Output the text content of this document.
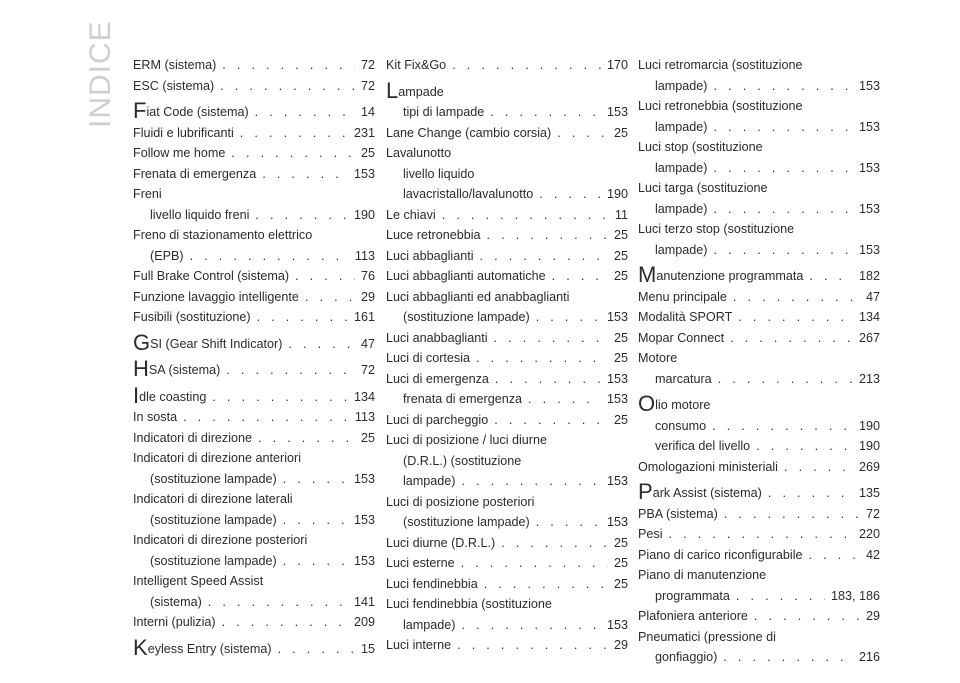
INDICE ERM (sistema) . . .	72
ESC (sistema) . . .	72
Fiat Code (sistema) . . .	14
Fluidi e lubrificanti . . .	231
Follow me home . . .	25
Frenata di emergenza . . .	153
Freni
livello liquido freni . . .	190
Freno di stazionamento elettrico
(EPB) . . .	113
Full Brake Control (sistema) . . .	76
Funzione lavaggio intelligente . . .	29
Fusibili (sostituzione) . . .	161
GSI (Gear Shift Indicator) . . .	47
HSA (sistema) . . .	72
Idle coasting . . .	134
In sosta . . .	113
Indicatori di direzione . . .	25
Indicatori di direzione anteriori
(sostituzione lampade) . . .	153
Indicatori di direzione laterali
(sostituzione lampade) . . .	153
Indicatori di direzione posteriori
(sostituzione lampade) . . .	153
Intelligent Speed Assist
(sistema) . . .	141
Interni (pulizia) . . .	209
Keyless Entry (sistema) . . .	15
Kit Fix&Go . . .	170
Lampade
tipi di lampade . . .	153
Lane Change (cambio corsia) . . .	25
Lavalunotto
livello liquido
lavacristallo/lavalunotto . . .	190
Le chiavi . . .	11
Luce retronebbia . . .	25
Luci abbaglianti . . .	25
Luci abbaglianti automatiche . . .	25
Luci abbaglianti ed anabbaglianti
(sostituzione lampade) . . .	153
Luci anabbaglianti . . .	25
Luci di cortesia . . .	25
Luci di emergenza . . .	153
frenata di emergenza . . .	153
Luci di parcheggio . . .	25
Luci di posizione / luci diurne
(D.R.L.) (sostituzione
lampade) . . .	153
Luci di posizione posteriori
(sostituzione lampade) . . .	153
Luci diurne (D.R.L.) . . .	25
Luci esterne . . .	25
Luci fendinebbia . . .	25
Luci fendinebbia (sostituzione
lampade) . . .	153
Luci interne . . .	29
Luci retromarcia (sostituzione
lampade) . . .	153
Luci retronebbia (sostituzione
lampade) . . .	153
Luci stop (sostituzione
lampade) . . .	153
Luci targa (sostituzione
lampade) . . .	153
Luci terzo stop (sostituzione
lampade) . . .	153
Manutenzione programmata . . .	182
Menu principale . . .	47
Modalità SPORT . . .	134
Mopar Connect . . .	267
Motore
marcatura . . .	213
Olio motore
consumo . . .	190
verifica del livello . . .	190
Omologazioni ministeriali . . .	269
Park Assist (sistema) . . .	135
PBA (sistema) . . .	72
Pesi . . .	220
Piano di carico riconfigurabile . . .	42
Piano di manutenzione
programmata . . .	183, 186
Plafoniera anteriore . . .	29
Pneumatici (pressione di
gonfiaggio) . . .	216
